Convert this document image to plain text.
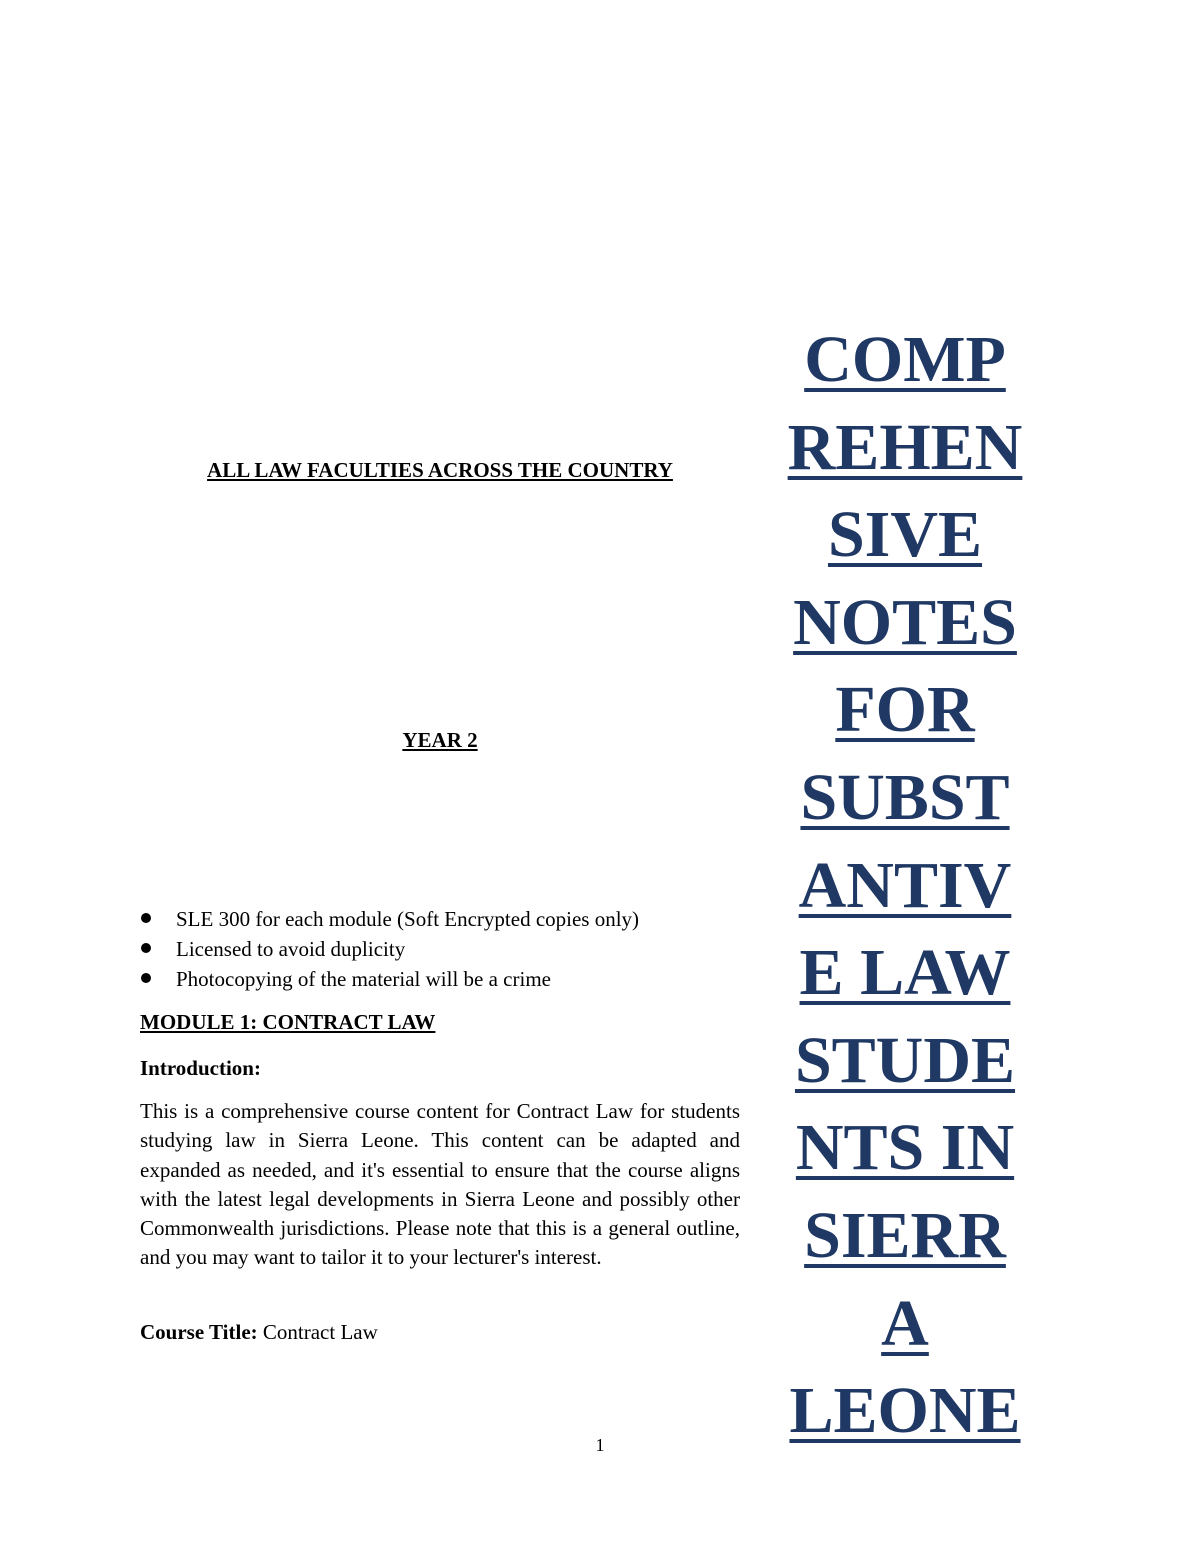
ALL LAW FACULTIES ACROSS THE COUNTRY
YEAR 2
SLE 300 for each module (Soft Encrypted copies only)
Licensed to avoid duplicity
Photocopying of the material will be a crime
MODULE 1: CONTRACT LAW
Introduction:

This is a comprehensive course content for Contract Law for students studying law in Sierra Leone. This content can be adapted and expanded as needed, and it's essential to ensure that the course aligns with the latest legal developments in Sierra Leone and possibly other Commonwealth jurisdictions. Please note that this is a general outline, and you may want to tailor it to your lecturer's interest.

Course Title: Contract Law
COMP
REHEN
SIVE
NOTES
FOR
SUBST
ANTIV
E LAW
STUDE
NTS IN
SIERR
A
LEONE
1
